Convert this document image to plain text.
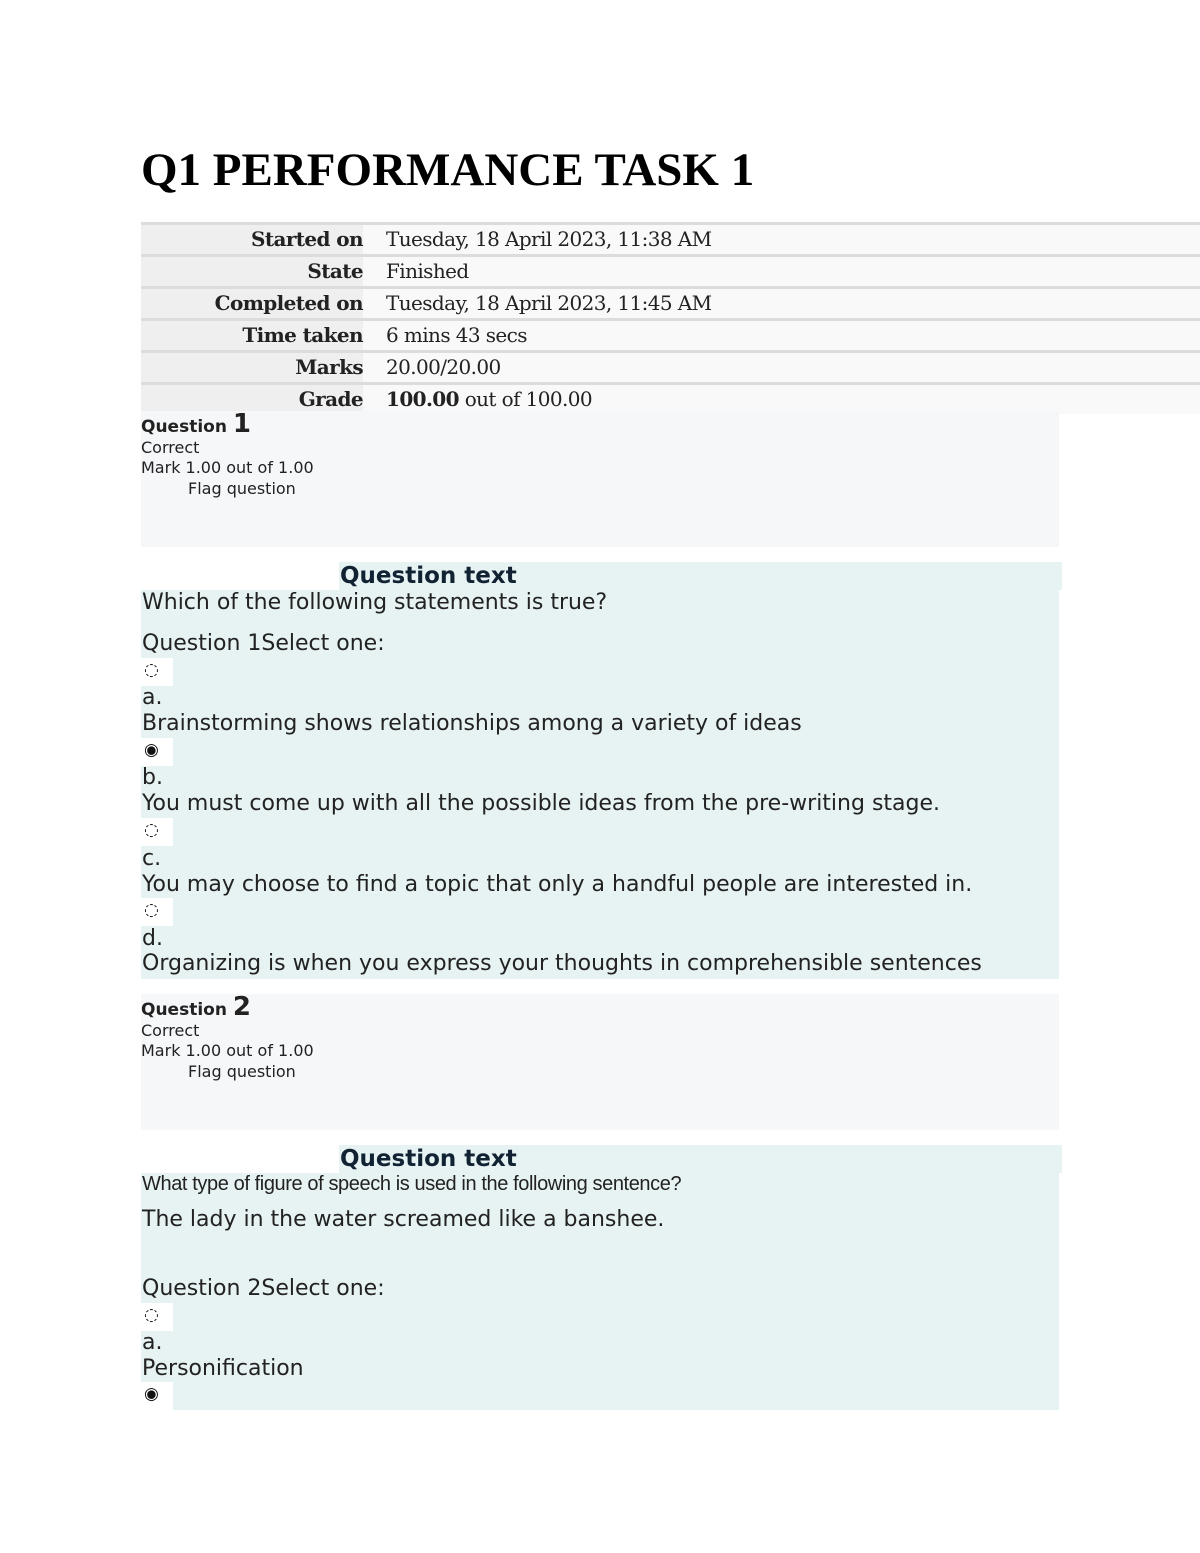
Q1 PERFORMANCE TASK 1
Started on	Tuesday, 18 April 2023, 11:38 AM
State	Finished
Completed on	Tuesday, 18 April 2023, 11:45 AM
Time taken	6 mins 43 secs
Marks	20.00/20.00
Grade	100.00 out of 100.00
Question 1
Correct
Mark 1.00 out of 1.00
Flag question
Question text
Which of the following statements is true?
Question 1Select one:
◌
a.
Brainstorming shows relationships among a variety of ideas
◉
b.
You must come up with all the possible ideas from the pre-writing stage.
◌
c.
You may choose to find a topic that only a handful people are interested in.
◌
d.
Organizing is when you express your thoughts in comprehensible sentences
Question 2
Correct
Mark 1.00 out of 1.00
Flag question
Question text
What type of figure of speech is used in the following sentence?
The lady in the water screamed like a banshee.
Question 2Select one:
◌
a.
Personification
◉
